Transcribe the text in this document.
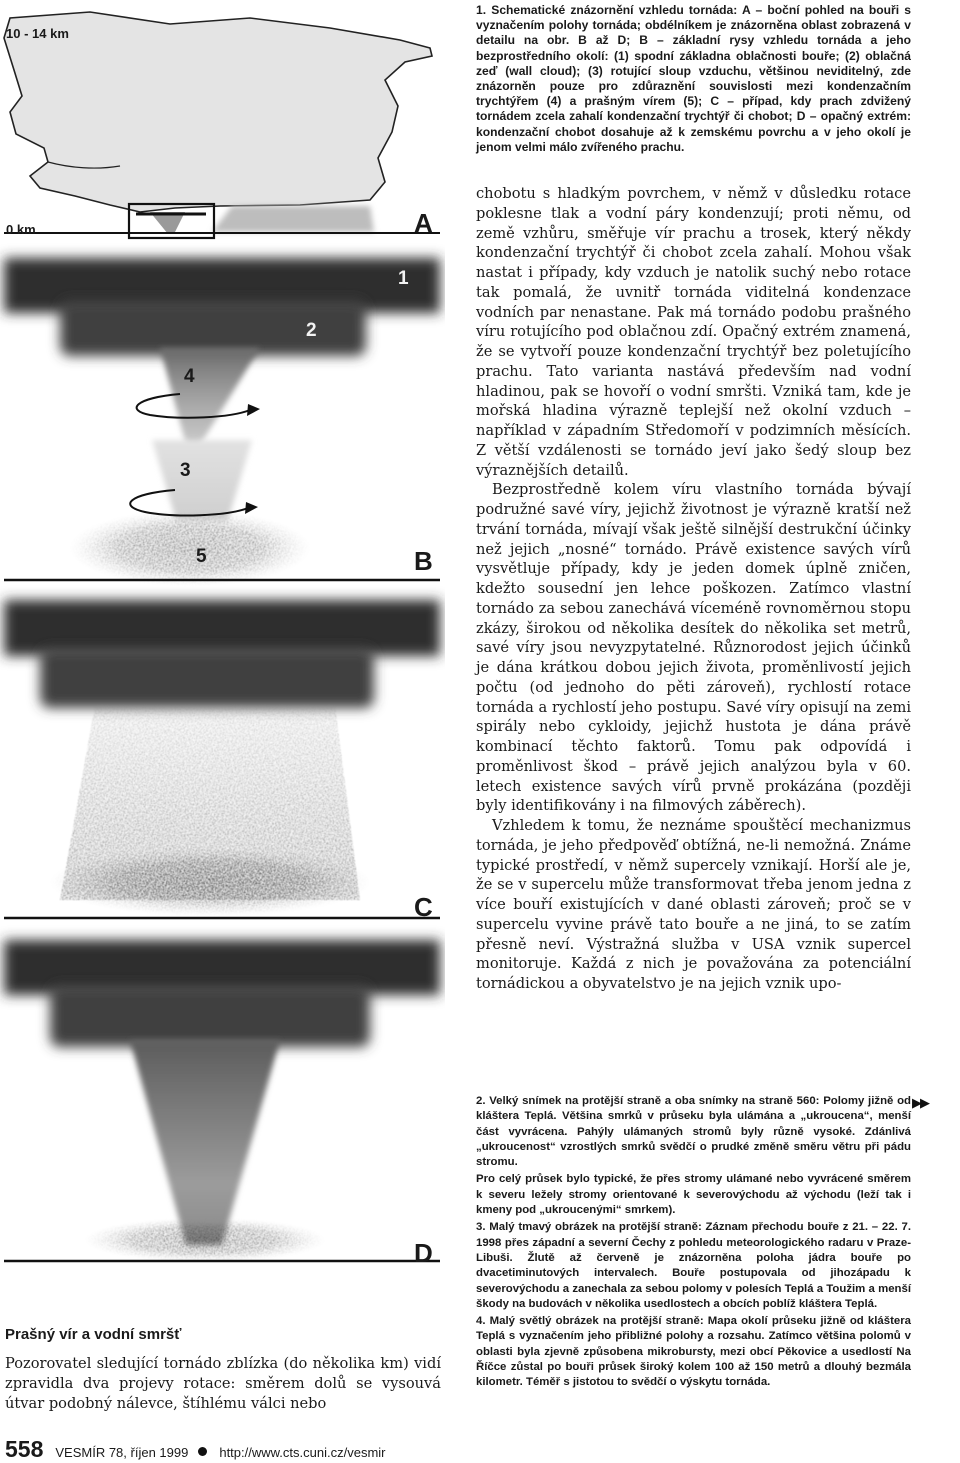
10 - 14 km
0 km	A
B
C
D
1
2
4
3
5

1. Schematické znázornění vzhledu tornáda: A – boční pohled na bouři s vyznačením polohy tornáda; obdélníkem je znázorněna oblast zobrazená v detailu na obr. B až D; B – základní rysy vzhledu tornáda a jeho bezprostředního okolí: (1) spodní základna oblačnosti bouře; (2) oblačná zeď (wall cloud); (3) rotující sloup vzduchu, většinou neviditelný, zde znázorněn pouze pro zdůraznění souvislosti mezi kondenzačním trychtýřem (4) a prašným vírem (5); C – případ, kdy prach zdvižený tornádem zcela zahalí kondenzační trychtýř či chobot; D – opačný extrém: kondenzační chobot dosahuje až k zemskému povrchu a v jeho okolí je jenom velmi málo zvířeného prachu.

chobotu s hladkým povrchem, v němž v důsledku rotace poklesne tlak a vodní páry kondenzují; proti němu, od země vzhůru, směřuje vír prachu a trosek, který někdy kondenzační trychtýř či chobot zcela zahalí. Mohou však nastat i případy, kdy vzduch je natolik suchý nebo rotace tak pomalá, že uvnitř tornáda viditelná kondenzace vodních par nenastane. Pak má tornádo podobu prašného víru rotujícího pod oblačnou zdí. Opačný extrém znamená, že se vytvoří pouze kondenzační trychtýř bez poletujícího prachu. Tato varianta nastává především nad vodní hladinou, pak se hovoří o vodní smršti. Vzniká tam, kde je mořská hladina výrazně teplejší než okolní vzduch – například v západním Středomoří v podzimních měsících. Z větší vzdálenosti se tornádo jeví jako šedý sloup bez výraznějších detailů.

Bezprostředně kolem víru vlastního tornáda bývají podružné savé víry, jejichž životnost je výrazně kratší než trvání tornáda, mívají však ještě silnější destrukční účinky než jejich „nosné“ tornádo. Právě existence savých vírů vysvětluje případy, kdy je jeden domek úplně zničen, kdežto sousední jen lehce poškozen. Zatímco vlastní tornádo za sebou zanechává víceméně rovnoměrnou stopu zkázy, širokou od několika desítek do několika set metrů, savé víry jsou nevyzpytatelné. Různorodost jejich účinků je dána krátkou dobou jejich života, proměnlivostí jejich počtu (od jednoho do pěti zároveň), rychlostí rotace tornáda a rychlostí jeho postupu. Savé víry opisují na zemi spirály nebo cykloidy, jejichž hustota je dána právě kombinací těchto faktorů. Tomu pak odpovídá i proměnlivost škod – právě jejich analýzou byla v 60. letech existence savých vírů prvně prokázána (později byly identifikovány i na filmových záběrech).

Vzhledem k tomu, že neznáme spouštěcí mechanizmus tornáda, je jeho předpověď obtížná, ne-li nemožná. Známe typické prostředí, v němž supercely vznikají. Horší ale je, že se v supercelu může transformovat třeba jenom jedna z více bouří existujících v dané oblasti zároveň; proč se v supercelu vyvine právě tato bouře a ne jiná, to se zatím přesně neví. Výstražná služba v USA vznik supercel monitoruje. Každá z nich je považována za potenciální tornádickou a obyvatelstvo je na jejich vznik upo-

2. Velký snímek na protější straně a oba snímky na straně 560: Polomy jižně od kláštera Teplá. Většina smrků v průseku byla ulámána a „ukroucena“, menší část vyvrácena. Pahýly ulámaných stromů byly různě vysoké. Zdánlivá „ukroucenost“ vzrostlých smrků svědčí o prudké změně směru větru při pádu stromu.

Pro celý průsek bylo typické, že přes stromy ulámané nebo vyvrácené směrem k severu ležely stromy orientované k severovýchodu až východu (leží tak i kmeny pod „ukroucenými“ smrkem).

3. Malý tmavý obrázek na protější straně: Záznam přechodu bouře z 21. – 22. 7. 1998 přes západní a severní Čechy z pohledu meteorologického radaru v Praze-Libuši. Žlutě až červeně je znázorněna poloha jádra bouře po dvacetiminutových intervalech. Bouře postupovala od jihozápadu k severovýchodu a zanechala za sebou polomy v polesích Teplá a Toužim a menší škody na budovách v několika usedlostech a obcích poblíž kláštera Teplá.

4. Malý světlý obrázek na protější straně: Mapa okolí průseku jižně od kláštera Teplá s vyznačením jeho přibližné polohy a rozsahu. Zatímco většina polomů v oblasti byla zjevně způsobena mikrobursty, mezi obcí Pěkovice a usedlostí Na Říčce zůstal po bouři průsek široký kolem 100 až 150 metrů a dlouhý bezmála kilometr. Téměř s jistotou to svědčí o výskytu tornáda.

▶▶
Prašný vír a vodní smršť
Pozorovatel sledující tornádo zblízka (do několika km) vidí zpravidla dva projevy rotace: směrem dolů se vysouvá útvar podobný nálevce, štíhlému válci nebo
558 VESMÍR 78, říjen 1999 http://www.cts.cuni.cz/vesmir
